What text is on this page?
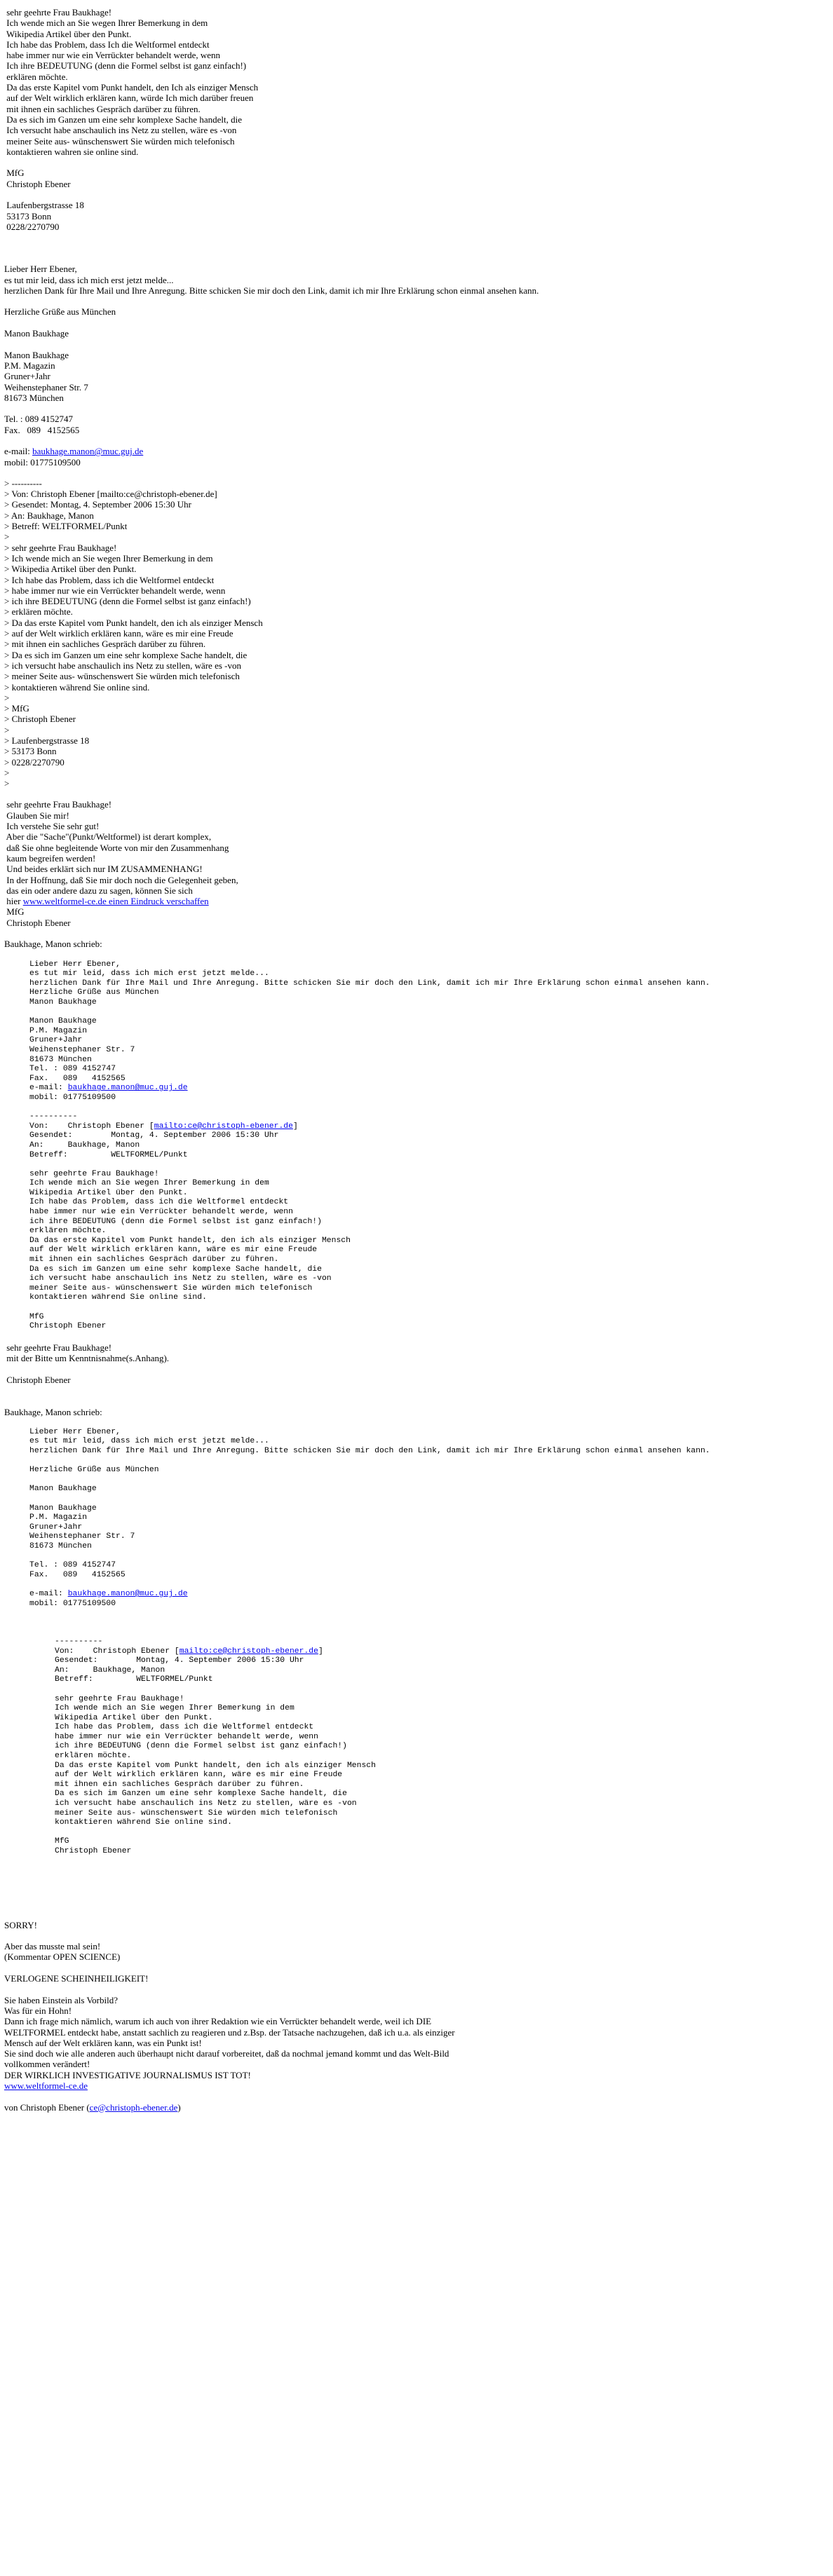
sehr geehrte Frau Baukhage!
Ich wende mich an Sie wegen Ihrer Bemerkung in dem
Wikipedia Artikel über den Punkt.
Ich habe das Problem, dass Ich die Weltformel entdeckt
habe immer nur wie ein Verrückter behandelt werde, wenn
Ich ihre BEDEUTUNG (denn die Formel selbst ist ganz einfach!)
erklären möchte.
Da das erste Kapitel vom Punkt handelt, den Ich als einziger Mensch
auf der Welt wirklich erklären kann, würde Ich mich darüber freuen
mit ihnen ein sachliches Gespräch darüber zu führen.
Da es sich im Ganzen um eine sehr komplexe Sache handelt, die
Ich versucht habe anschaulich ins Netz zu stellen, wäre es -von
meiner Seite aus- wünschenswert Sie würden mich telefonisch
kontaktieren wahren sie online sind.
MfG
Christoph Ebener
Laufenbergstrasse 18
53173 Bonn
0228/2270790
Lieber Herr Ebener,
es tut mir leid, dass ich mich erst jetzt melde...
herzlichen Dank für Ihre Mail und Ihre Anregung. Bitte schicken Sie mir doch den Link, damit ich mir Ihre Erklärung schon einmal ansehen kann.
Herzliche Grüße aus München
Manon Baukhage
Manon Baukhage
P.M. Magazin
Gruner+Jahr
Weihenstephaner Str. 7
81673 München
Tel. : 089 4152747
Fax.   089   4152565
e-mail: baukhage.manon@muc.guj.de
mobil: 01775109500
> ----------
> Von: Christoph Ebener [mailto:ce@christoph-ebener.de]
> Gesendet: Montag, 4. September 2006 15:30 Uhr
> An: Baukhage, Manon
> Betreff: WELTFORMEL/Punkt
>
> sehr geehrte Frau Baukhage!
> Ich wende mich an Sie wegen Ihrer Bemerkung in dem
> Wikipedia Artikel über den Punkt.
> Ich habe das Problem, dass ich die Weltformel entdeckt
> habe immer nur wie ein Verrückter behandelt werde, wenn
> ich ihre BEDEUTUNG (denn die Formel selbst ist ganz einfach!)
> erklären möchte.
> Da das erste Kapitel vom Punkt handelt, den ich als einziger Mensch
> auf der Welt wirklich erklären kann, wäre es mir eine Freude
> mit ihnen ein sachliches Gespräch darüber zu führen.
> Da es sich im Ganzen um eine sehr komplexe Sache handelt, die
> ich versucht habe anschaulich ins Netz zu stellen, wäre es -von
> meiner Seite aus- wünschenswert Sie würden mich telefonisch
> kontaktieren während Sie online sind.
>
> MfG
> Christoph Ebener
>
> Laufenbergstrasse 18
> 53173 Bonn
> 0228/2270790
>
>
sehr geehrte Frau Baukhage!
Glauben Sie mir!
Ich verstehe Sie sehr gut!
Aber die "Sache"(Punkt/Weltformel) ist derart komplex,
daß Sie ohne begleitende Worte von mir den Zusammenhang
kaum begreifen werden!
Und beides erklärt sich nur IM ZUSAMMENHANG!
In der Hoffnung, daß Sie mir doch noch die Gelegenheit geben,
das ein oder andere dazu zu sagen, können Sie sich
hier www.weltformel-ce.de einen Eindruck verschaffen
MfG
Christoph Ebener
Baukhage, Manon schrieb:
Lieber Herr Ebener,
es tut mir leid, dass ich mich erst jetzt melde...
herzlichen Dank für Ihre Mail und Ihre Anregung. Bitte schicken Sie mir doch den Link, damit ich mir Ihre Erklärung schon einmal ansehen kann.
Herzliche Grüße aus München
Manon Baukhage
Manon Baukhage
P.M. Magazin
Gruner+Jahr
Weihenstephaner Str. 7
81673 München
Tel. : 089 4152747
Fax.   089   4152565
e-mail: baukhage.manon@muc.guj.de
mobil: 01775109500
----------
Von:    Christoph Ebener [mailto:ce@christoph-ebener.de]
Gesendet:        Montag, 4. September 2006 15:30 Uhr
An:     Baukhage, Manon
Betreff:         WELTFORMEL/Punkt
sehr geehrte Frau Baukhage!
Ich wende mich an Sie wegen Ihrer Bemerkung in dem
Wikipedia Artikel über den Punkt.
Ich habe das Problem, dass ich die Weltformel entdeckt
habe immer nur wie ein Verrückter behandelt werde, wenn
ich ihre BEDEUTUNG (denn die Formel selbst ist ganz einfach!)
erklären möchte.
Da das erste Kapitel vom Punkt handelt, den ich als einziger Mensch
auf der Welt wirklich erklären kann, wäre es mir eine Freude
mit ihnen ein sachliches Gespräch darüber zu führen.
Da es sich im Ganzen um eine sehr komplexe Sache handelt, die
ich versucht habe anschaulich ins Netz zu stellen, wäre es -von
meiner Seite aus- wünschenswert Sie würden mich telefonisch
kontaktieren während Sie online sind.
MfG
Christoph Ebener
sehr geehrte Frau Baukhage!
mit der Bitte um Kenntnisnahme(s.Anhang).
Christoph Ebener
Baukhage, Manon schrieb:
Lieber Herr Ebener,
es tut mir leid, dass ich mich erst jetzt melde...
herzlichen Dank für Ihre Mail und Ihre Anregung. Bitte schicken Sie mir doch den Link, damit ich mir Ihre Erklärung schon einmal ansehen kann.
Herzliche Grüße aus München
Manon Baukhage
Manon Baukhage
P.M. Magazin
Gruner+Jahr
Weihenstephaner Str. 7
81673 München
Tel. : 089 4152747
Fax.   089   4152565
e-mail: baukhage.manon@muc.guj.de
mobil: 01775109500
----------
Von:    Christoph Ebener [mailto:ce@christoph-ebener.de]
Gesendet:        Montag, 4. September 2006 15:30 Uhr
An:     Baukhage, Manon
Betreff:         WELTFORMEL/Punkt
sehr geehrte Frau Baukhage!
Ich wende mich an Sie wegen Ihrer Bemerkung in dem
Wikipedia Artikel über den Punkt.
Ich habe das Problem, dass ich die Weltformel entdeckt
habe immer nur wie ein Verrückter behandelt werde, wenn
ich ihre BEDEUTUNG (denn die Formel selbst ist ganz einfach!)
erklären möchte.
Da das erste Kapitel vom Punkt handelt, den ich als einziger Mensch
auf der Welt wirklich erklären kann, wäre es mir eine Freude
mit ihnen ein sachliches Gespräch darüber zu führen.
Da es sich im Ganzen um eine sehr komplexe Sache handelt, die
ich versucht habe anschaulich ins Netz zu stellen, wäre es -von
meiner Seite aus- wünschenswert Sie würden mich telefonisch
kontaktieren während Sie online sind.
MfG
Christoph Ebener
SORRY!
Aber das musste mal sein!
(Kommentar OPEN SCIENCE)
VERLOGENE SCHEINHEILIGKEIT!
Sie haben Einstein als Vorbild?
Was für ein Hohn!
Dann ich frage mich nämlich, warum ich auch von ihrer Redaktion wie ein Verrückter behandelt werde, weil ich DIE
WELTFORMEL entdeckt habe, anstatt sachlich zu reagieren und z.Bsp. der Tatsache nachzugehen, daß ich u.a. als einziger
Mensch auf der Welt erklären kann, was ein Punkt ist!
Sie sind doch wie alle anderen auch überhaupt nicht darauf vorbereitet, daß da nochmal jemand kommt und das Welt-Bild
vollkommen verändert!
DER WIRKLICH INVESTIGATIVE JOURNALISMUS IST TOT!
www.weltformel-ce.de
von Christoph Ebener (ce@christoph-ebener.de)
